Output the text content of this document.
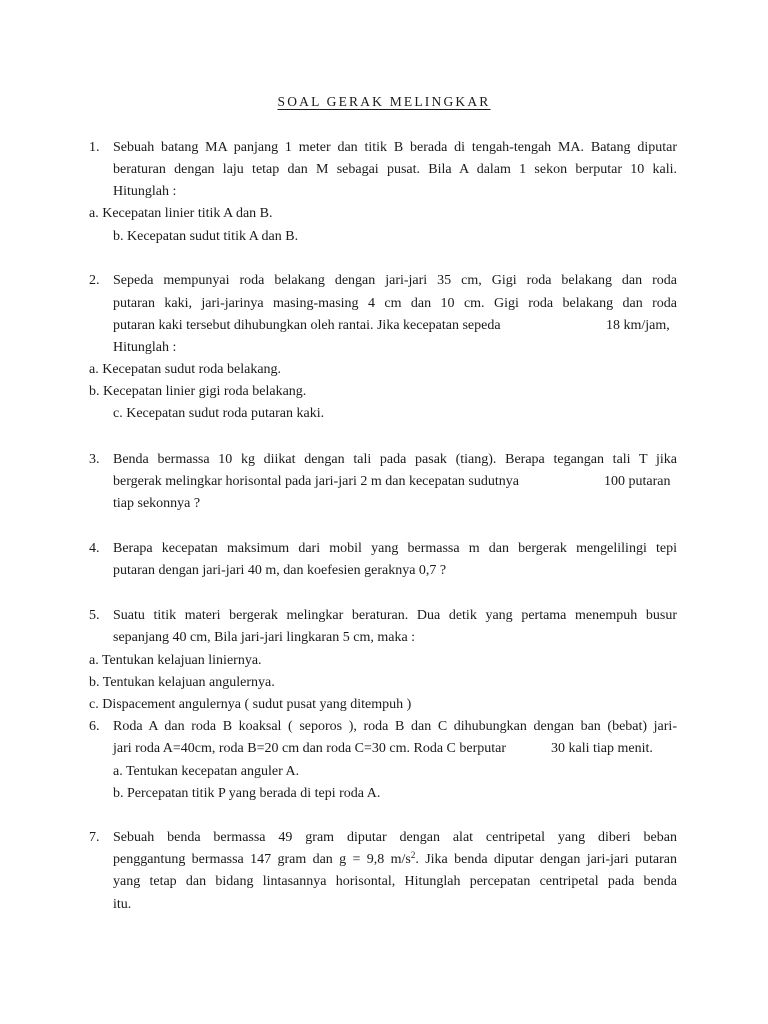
SOAL GERAK MELINGKAR
1. Sebuah batang MA panjang 1 meter dan titik B berada di tengah-tengah MA. Batang diputar
beraturan dengan laju tetap dan M sebagai pusat. Bila A dalam 1 sekon berputar 10 kali.
Hitunglah :
a. Kecepatan linier titik A dan B.
b. Kecepatan sudut titik A dan B.
2. Sepeda mempunyai roda belakang dengan jari-jari 35 cm, Gigi roda belakang dan roda
putaran kaki, jari-jarinya masing-masing 4 cm dan 10 cm. Gigi roda belakang dan roda
putaran kaki tersebut dihubungkan oleh rantai. Jika kecepatan sepeda	18 km/jam,
Hitunglah :
a. Kecepatan sudut roda belakang.
b. Kecepatan linier gigi roda belakang.
c. Kecepatan sudut roda putaran kaki.
3. Benda bermassa 10 kg diikat dengan tali pada pasak (tiang). Berapa tegangan tali T jika
bergerak melingkar horisontal pada jari-jari 2 m dan kecepatan sudutnya	100 putaran
tiap sekonnya ?
4. Berapa kecepatan maksimum dari mobil yang bermassa m dan bergerak mengelilingi tepi
putaran dengan jari-jari 40 m, dan koefesien geraknya 0,7 ?
5. Suatu titik materi bergerak melingkar beraturan. Dua detik yang pertama menempuh busur
sepanjang 40 cm, Bila jari-jari lingkaran 5 cm, maka :
a. Tentukan kelajuan liniernya.
b. Tentukan kelajuan angulernya.
c. Dispacement angulernya ( sudut pusat yang ditempuh )
6. Roda A dan roda B koaksal ( seporos ), roda B dan C dihubungkan dengan ban (bebat) jari-
jari roda A=40cm, roda B=20 cm dan roda C=30 cm. Roda C berputar	30 kali tiap menit.
a. Tentukan kecepatan anguler A.
b. Percepatan titik P yang berada di tepi roda A.
7. Sebuah benda bermassa 49 gram diputar dengan alat centripetal yang diberi beban
penggantung bermassa 147 gram dan g = 9,8 $m/s^2$. Jika benda diputar dengan jari-jari putaran
yang tetap dan bidang lintasannya horisontal, Hitunglah percepatan centripetal pada benda
itu.
